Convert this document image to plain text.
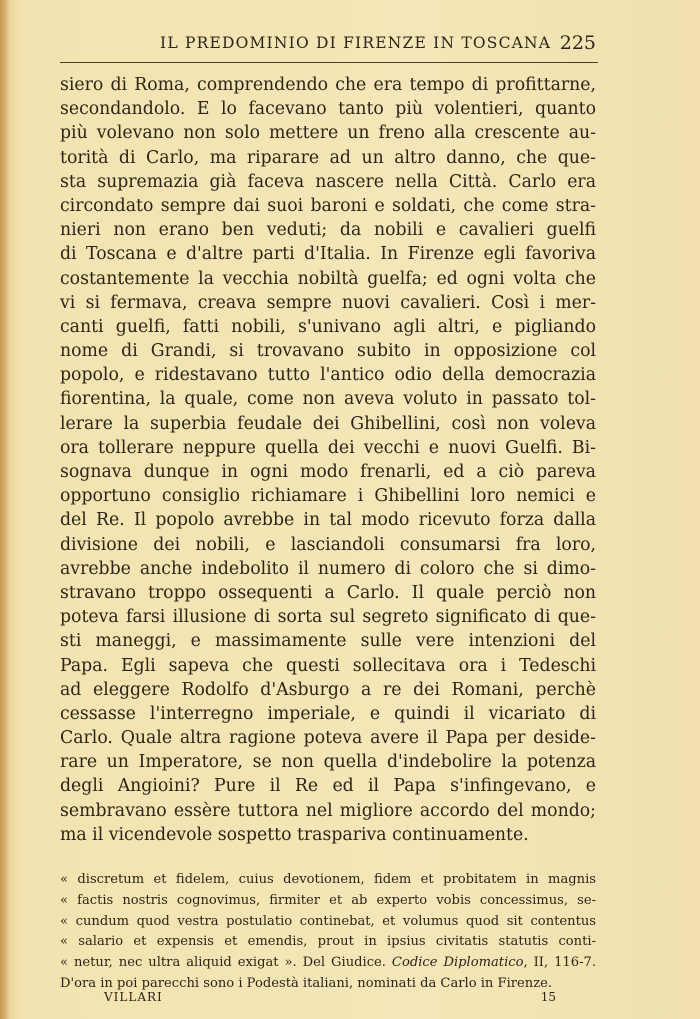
IL PREDOMINIO DI FIRENZE IN TOSCANA 225
siero di Roma, comprendendo che era tempo di profittarne,
secondandolo. E lo facevano tanto più volentieri, quanto
più volevano non solo mettere un freno alla crescente au-
torità di Carlo, ma riparare ad un altro danno, che que-
sta supremazia già faceva nascere nella Città. Carlo era
circondato sempre dai suoi baroni e soldati, che come stra-
nieri non erano ben veduti; da nobili e cavalieri guelfi
di Toscana e d'altre parti d'Italia. In Firenze egli favoriva
costantemente la vecchia nobiltà guelfa; ed ogni volta che
vi si fermava, creava sempre nuovi cavalieri. Così i mer-
canti guelfi, fatti nobili, s'univano agli altri, e pigliando
nome di Grandi, si trovavano subito in opposizione col
popolo, e ridestavano tutto l'antico odio della democrazia
fiorentina, la quale, come non aveva voluto in passato tol-
lerare la superbia feudale dei Ghibellini, così non voleva
ora tollerare neppure quella dei vecchi e nuovi Guelfi. Bi-
sognava dunque in ogni modo frenarli, ed a ciò pareva
opportuno consiglio richiamare i Ghibellini loro nemici e
del Re. Il popolo avrebbe in tal modo ricevuto forza dalla
divisione dei nobili, e lasciandoli consumarsi fra loro,
avrebbe anche indebolito il numero di coloro che si dimo-
stravano troppo ossequenti a Carlo. Il quale perciò non
poteva farsi illusione di sorta sul segreto significato di que-
sti maneggi, e massimamente sulle vere intenzioni del
Papa. Egli sapeva che questi sollecitava ora i Tedeschi
ad eleggere Rodolfo d'Asburgo a re dei Romani, perchè
cessasse l'interregno imperiale, e quindi il vicariato di
Carlo. Quale altra ragione poteva avere il Papa per deside-
rare un Imperatore, se non quella d'indebolire la potenza
degli Angioini? Pure il Re ed il Papa s'infingevano, e
sembravano essère tuttora nel migliore accordo del mondo;
ma il vicendevole sospetto traspariva continuamente.
« discretum et fidelem, cuius devotionem, fidem et probitatem in magnis
« factis nostris cognovimus, firmiter et ab experto vobis concessimus, se-
« cundum quod vestra postulatio continebat, et volumus quod sit contentus
« salario et expensis et emendis, prout in ipsius civitatis statutis conti-
« netur, nec ultra aliquid exigat ». Del Giudice. Codice Diplomatico, II, 116-7.
D'ora in poi parecchi sono i Podestà italiani, nominati da Carlo in Firenze.
VILLARI	15
